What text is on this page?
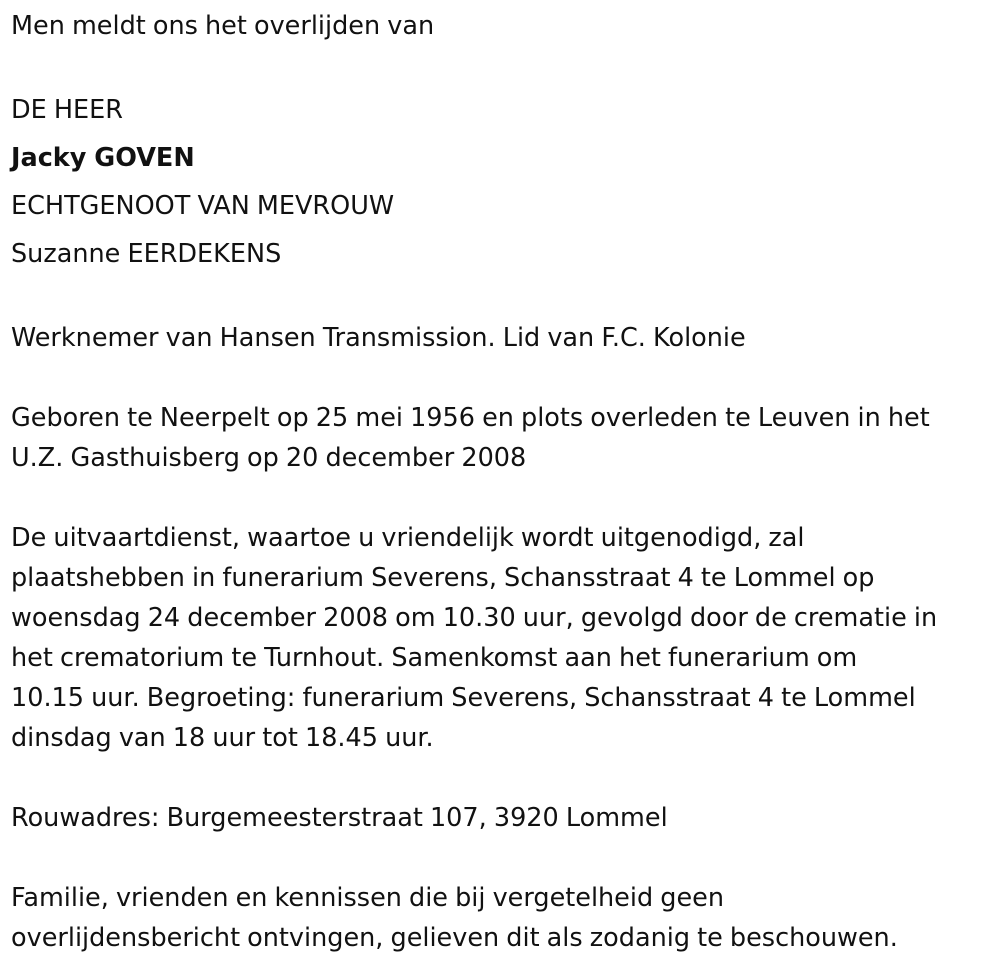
Men meldt ons het overlijden van

DE HEER

Jacky GOVEN

ECHTGENOOT VAN MEVROUW

Suzanne EERDEKENS

Werknemer van Hansen Transmission. Lid van F.C. Kolonie

Geboren te Neerpelt op 25 mei 1956 en plots overleden te Leuven in het

U.Z. Gasthuisberg op 20 december 2008

De uitvaartdienst, waartoe u vriendelijk wordt uitgenodigd, zal

plaatshebben in funerarium Severens, Schansstraat 4 te Lommel op

woensdag 24 december 2008 om 10.30 uur, gevolgd door de crematie in

het crematorium te Turnhout. Samenkomst aan het funerarium om

10.15 uur. Begroeting: funerarium Severens, Schansstraat 4 te Lommel

dinsdag van 18 uur tot 18.45 uur.

Rouwadres: Burgemeesterstraat 107, 3920 Lommel

Familie, vrienden en kennissen die bij vergetelheid geen

overlijdensbericht ontvingen, gelieven dit als zodanig te beschouwen.
